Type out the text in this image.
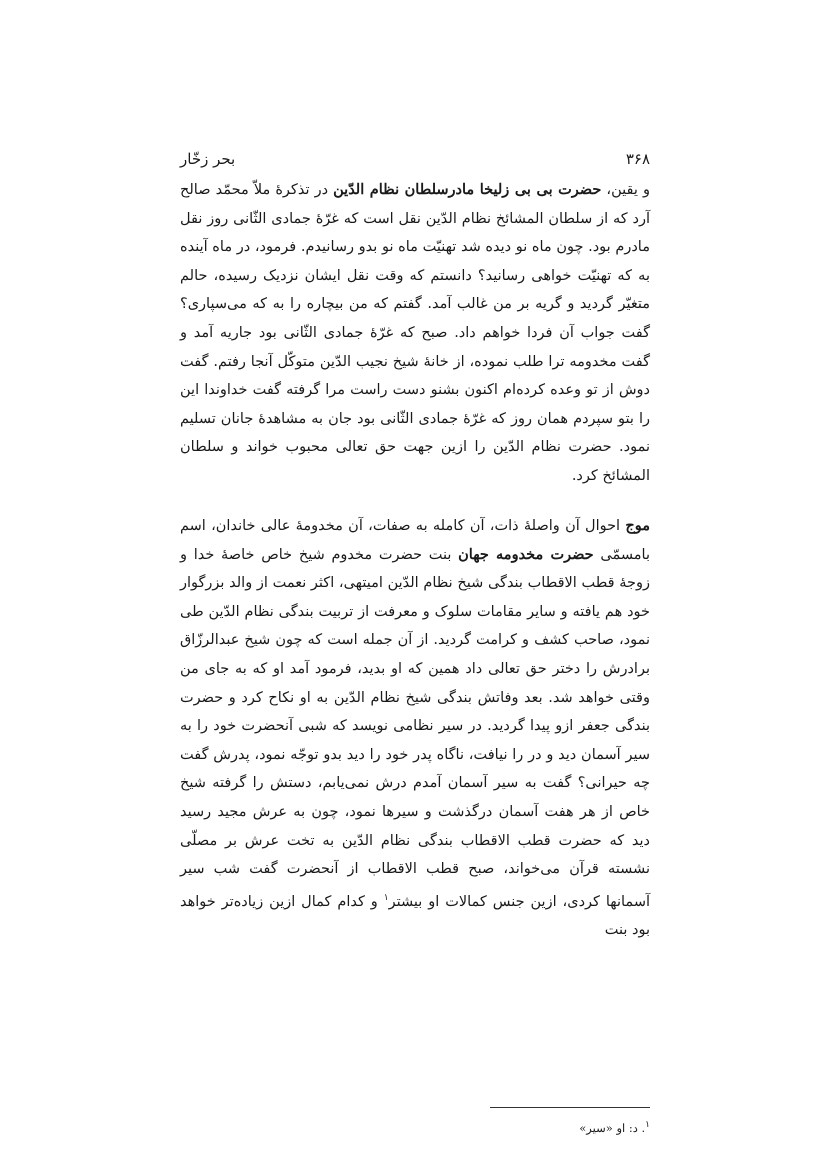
۳۶۸
بحر زخّار

و یقین، حضرت بی بی زلیخا مادرسلطان نظام الدّین در تذکرهٔ ملاّ محمّد صالح آرد که از سلطان المشائخ نظام الدّین نقل است که غرّهٔ جمادی الثّانی روز نقل مادرم بود. چون ماه نو دیده شد تهنیّت ماه نو بدو رسانیدم. فرمود، در ماه آینده به که تهنیّت خواهی رسانید؟ دانستم که وقت نقل ایشان نزدیک رسیده، حالم متغیّر گردید و گریه بر من غالب آمد. گفتم که من بیچاره را به که می‌سپاری؟ گفت جواب آن فردا خواهم داد. صبح که غرّهٔ جمادی الثّانی بود جاریه آمد و گفت مخدومه ترا طلب نموده، از خانهٔ شیخ نجیب الدّین متوکّل آنجا رفتم. گفت دوش از تو وعده کرده‌ام اکنون بشنو دست راست مرا گرفته گفت خداوندا این را بتو سپردم همان روز که غرّهٔ جمادی الثّانی بود جان به مشاهدهٔ جانان تسلیم نمود. حضرت نظام الدّین را ازین جهت حق تعالی محبوب خواند و سلطان المشائخ کرد.

موج احوال آن واصلهٔ ذات، آن کامله به صفات، آن مخدومهٔ عالی خاندان، اسم بامسمّی حضرت مخدومه جهان بنت حضرت مخدوم شیخ خاص خاصهٔ خدا و زوجهٔ قطب الاقطاب بندگی شیخ نظام الدّین امیتهی، اکثر نعمت از والد بزرگوار خود هم یافته و سایر مقامات سلوک و معرفت از تربیت بندگی نظام الدّین طی نمود، صاحب کشف و کرامت گردید. از آن جمله است که چون شیخ عبدالرزّاق برادرش را دختر حق تعالی داد همین که او بدید، فرمود آمد او که به جای من وقتی خواهد شد. بعد وفاتش بندگی شیخ نظام الدّین به او نکاح کرد و حضرت بندگی جعفر ازو پیدا گردید. در سیر نظامی نویسد که شبی آنحضرت خود را به سیر آسمان دید و در را نیافت، ناگاه پدر خود را دید بدو توجّه نمود، پدرش گفت چه حیرانی؟ گفت به سیر آسمان آمدم درش نمی‌یابم، دستش را گرفته شیخ خاص از هر هفت آسمان درگذشت و سیرها نمود، چون به عرش مجید رسید دید که حضرت قطب الاقطاب بندگی نظام الدّین به تخت عرش بر مصلّی نشسته قرآن می‌خواند، صبح قطب الاقطاب از آنحضرت گفت شب سیر آسمانها کردی، ازین جنس کمالات او بیشتر$^۱$ و کدام کمال ازین زیاده‌تر خواهد بود بنت

$^۱$. د: او «سیر»
